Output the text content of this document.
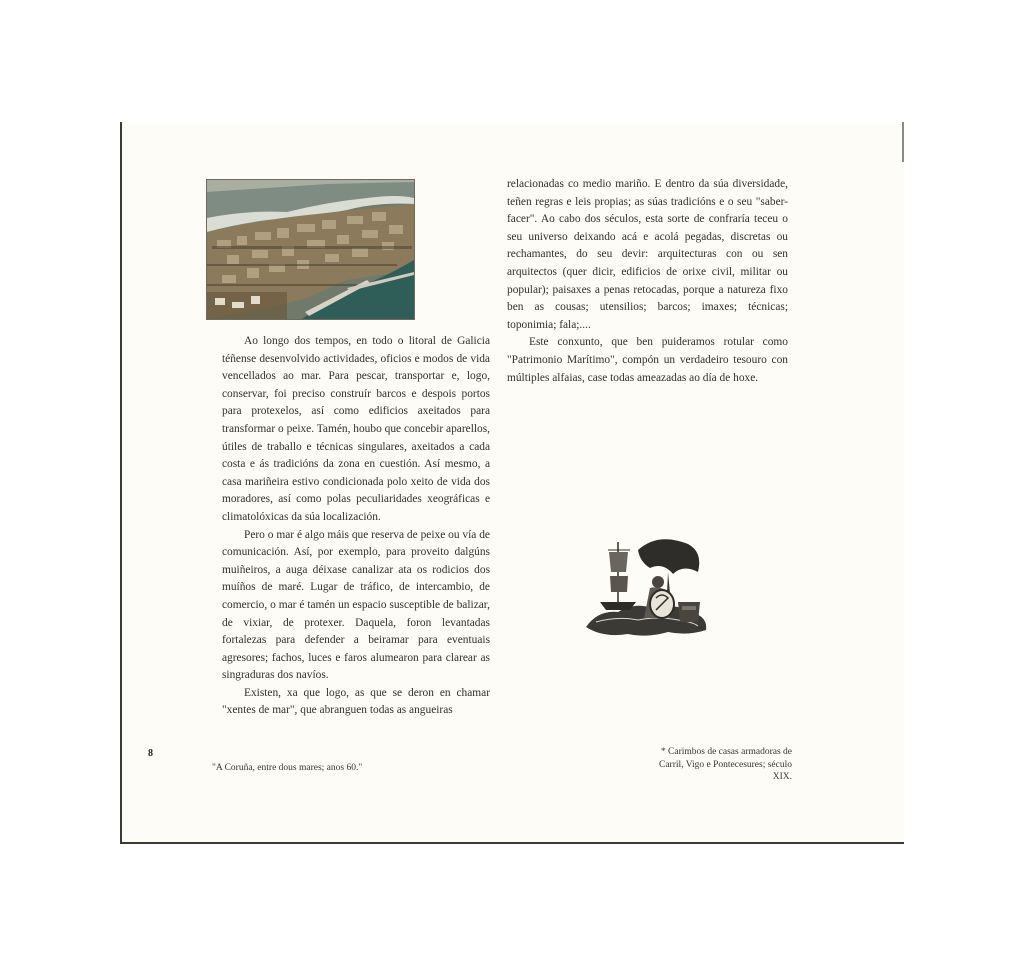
Ao longo dos tempos, en todo o litoral de Galicia téñense desenvolvido actividades, oficios e modos de vida vencellados ao mar. Para pescar, transportar e, logo, conservar, foi preciso construír barcos e despois portos para protexelos, así como edificios axeitados para transformar o peixe. Tamén, houbo que concebir aparellos, útiles de traballo e técnicas singulares, axeitados a cada costa e ás tradicións da zona en cuestión. Así mesmo, a casa mariñeira estivo condicionada polo xeito de vida dos moradores, así como polas peculiaridades xeográficas e climatolóxicas da súa localización.

Pero o mar é algo máis que reserva de peixe ou vía de comunicación. Así, por exemplo, para proveito dalgúns muiñeiros, a auga déixase canalizar ata os rodicios dos muíños de maré. Lugar de tráfico, de intercambio, de comercio, o mar é tamén un espacio susceptible de balizar, de vixiar, de protexer. Daquela, foron levantadas fortalezas para defender a beiramar para eventuais agresores; fachos, luces e faros alumearon para clarear as singraduras dos navíos.

Existen, xa que logo, as que se deron en chamar "xentes de mar", que abranguen todas as angueiras

relacionadas co medio mariño. E dentro da súa diversidade, teñen regras e leis propias; as súas tradicións e o seu "saber-facer". Ao cabo dos séculos, esta sorte de confraría teceu o seu universo deixando acá e acolá pegadas, discretas ou rechamantes, do seu devir: arquitecturas con ou sen arquitectos (quer dicir, edificios de orixe civil, militar ou popular); paisaxes a penas retocadas, porque a natureza fixo ben as cousas; utensilios; barcos; imaxes; técnicas; toponimia; fala;....

Este conxunto, que ben puideramos rotular como "Patrimonio Marítimo", compón un verdadeiro tesouro con múltiples alfaias, case todas ameazadas ao día de hoxe.

8
"A Coruña, entre dous mares; anos 60."
* Carimbos de casas armadoras de Carril, Vigo e Pontecesures; século XIX.
